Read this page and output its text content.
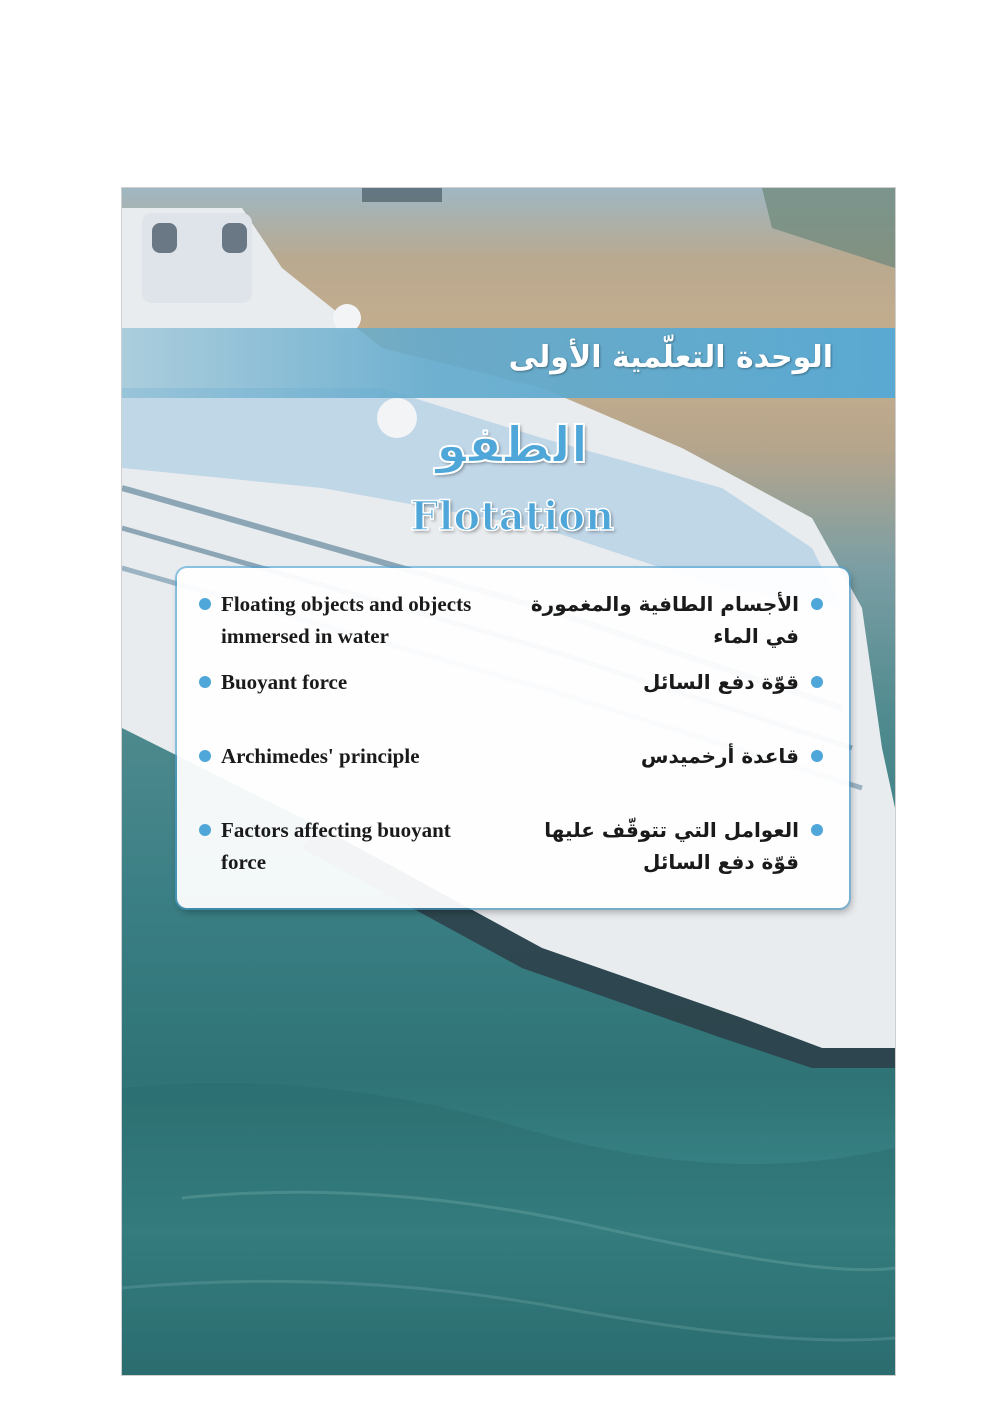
الوحدة التعلّمية الأولى
الطفو
Flotation
Floating objects and objects immersed in water
الأجسام الطافية والمغمورة في الماء
Buoyant force	قوّة دفع السائل
Archimedes' principle	قاعدة أرخميدس
Factors affecting buoyant force
العوامل التي تتوقّف عليها قوّة دفع السائل
